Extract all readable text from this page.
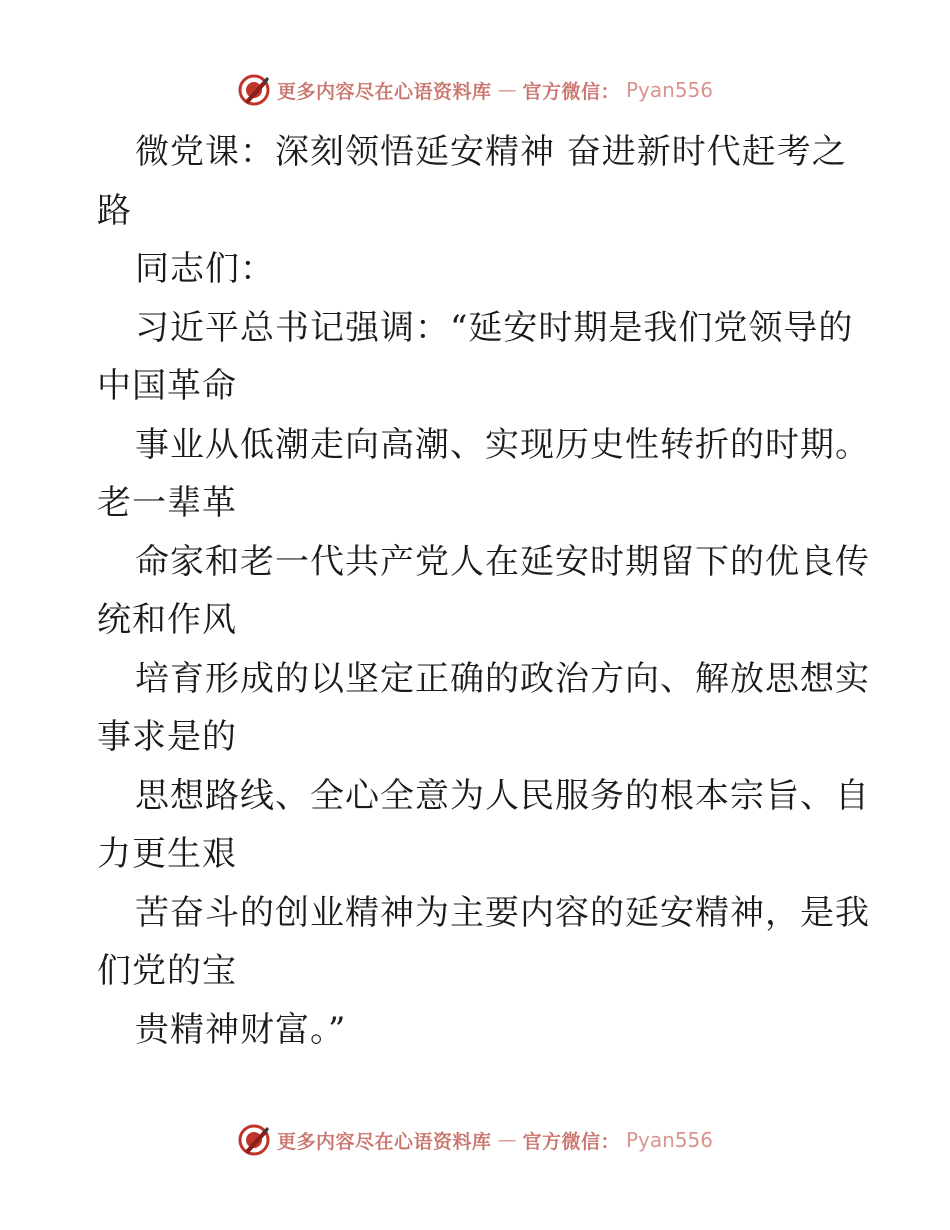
更多内容尽在心语资料库 — 官方微信： Pyan556
微党课：深刻领悟延安精神 奋进新时代赶考之
路
同志们：
习近平总书记强调：“延安时期是我们党领导的
中国革命
事业从低潮走向高潮、实现历史性转折的时期。
老一辈革
命家和老一代共产党人在延安时期留下的优良传
统和作风
培育形成的以坚定正确的政治方向、解放思想实
事求是的
思想路线、全心全意为人民服务的根本宗旨、自
力更生艰
苦奋斗的创业精神为主要内容的延安精神，是我
们党的宝
贵精神财富。”
更多内容尽在心语资料库 — 官方微信： Pyan556
